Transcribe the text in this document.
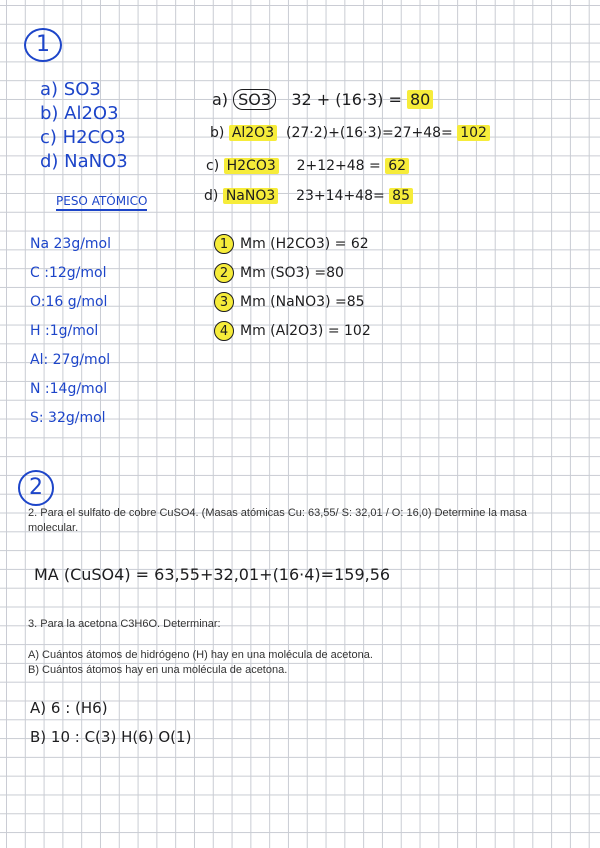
1
a) SO3
b) Al2O3
c) H2CO3
d) NaNO3
PESO ATÓMICO
Na 23g/mol
C :12g/mol
O:16 g/mol
H :1g/mol
Al: 27g/mol
N :14g/mol
S: 32g/mol
a) SO3 32 + (16·3) = 80
b) Al2O3 (27·2)+(16·3)=27+48= 102
c) H2CO3 2+12+48 = 62
d) NaNO3 23+14+48= 85
1 Mm (H2CO3) = 62
2 Mm (SO3) =80
3 Mm (NaNO3) =85
4 Mm (Al2O3) = 102
2
2. Para el sulfato de cobre CuSO4. (Masas atómicas Cu: 63,55/ S: 32,01 / O: 16,0) Determine la masa molecular.
MA (CuSO4) = 63,55+32,01+(16·4)=159,56
3. Para la acetona C3H6O. Determinar:
A) Cuántos átomos de hidrógeno (H) hay en una molécula de acetona.
B) Cuántos átomos hay en una molécula de acetona.
A) 6 : (H6)
B) 10 : C(3) H(6) O(1)
